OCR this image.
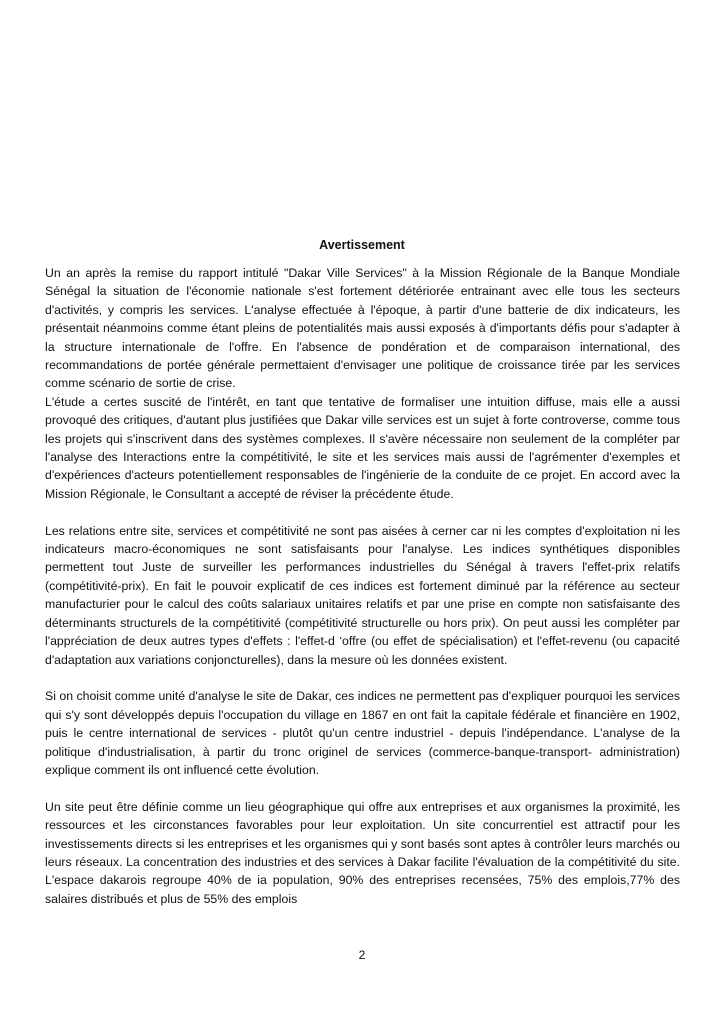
Avertissement

Un an après la remise du rapport intitulé "Dakar Ville Services" à la Mission Régionale de la Banque Mondiale Sénégal la situation de l'économie nationale s'est fortement détériorée entrainant avec elle tous les secteurs d'activités, y compris les services. L'analyse effectuée à l'époque, à partir d'une batterie de dix indicateurs, les présentait néanmoins comme étant pleins de potentialités mais aussi exposés à d'importants défis pour s'adapter à la structure internationale de l'offre. En l'absence de pondération et de comparaison international, des recommandations de portée générale permettaient d'envisager une politique de croissance tirée par les services comme scénario de sortie de crise.

L'étude a certes suscité de l'intérêt, en tant que tentative de formaliser une intuition diffuse, mais elle a aussi provoqué des critiques, d'autant plus justifiées que Dakar ville services est un sujet à forte controverse, comme tous les projets qui s'inscrivent dans des systèmes complexes. Il s'avère nécessaire non seulement de la compléter par l'analyse des Interactions entre la compétitivité, le site et les services mais aussi de l'agrémenter d'exemples et d'expériences d'acteurs potentiellement responsables de l'ingénierie de la conduite de ce projet. En accord avec la Mission Régionale, le Consultant a accepté de réviser la précédente étude.

Les relations entre site, services et compétitivité ne sont pas aisées à cerner car ni les comptes d'exploitation ni les indicateurs macro-économiques ne sont satisfaisants pour l'analyse. Les indices synthétiques disponibles permettent tout Juste de surveiller les performances industrielles du Sénégal à travers l'effet-prix relatifs (compétitivité-prix). En fait le pouvoir explicatif de ces indices est fortement diminué par la référence au secteur manufacturier pour le calcul des coûts salariaux unitaires relatifs et par une prise en compte non satisfaisante des déterminants structurels de la compétitivité (compétitivité structurelle ou hors prix). On peut aussi les compléter par l'appréciation de deux autres types d'effets : l'effet-d ‘offre (ou effet de spécialisation) et l'effet-revenu (ou capacité d'adaptation aux variations conjoncturelles), dans la mesure où les données existent.

Si on choisit comme unité d'analyse le site de Dakar, ces indices ne permettent pas d'expliquer pourquoi les services qui s'y sont développés depuis l'occupation du village en 1867 en ont fait la capitale fédérale et financière en 1902, puis le centre international de services - plutôt qu'un centre industriel - depuis l'indépendance. L'analyse de la politique d'industrialisation, à partir du tronc originel de services (commerce-banque-transport- administration) explique comment ils ont influencé cette évolution.

Un site peut être définie comme un lieu géographique qui offre aux entreprises et aux organismes la proximité, les ressources et les circonstances favorables pour leur exploitation. Un site concurrentiel est attractif pour les investissements directs si les entreprises et les organismes qui y sont basés sont aptes à contrôler leurs marchés ou leurs réseaux. La concentration des industries et des services à Dakar facilite l'évaluation de la compétitivité du site. L'espace dakarois regroupe 40% de ia population, 90% des entreprises recensées, 75% des emplois,77% des salaires distribués et plus de 55% des emplois

2
